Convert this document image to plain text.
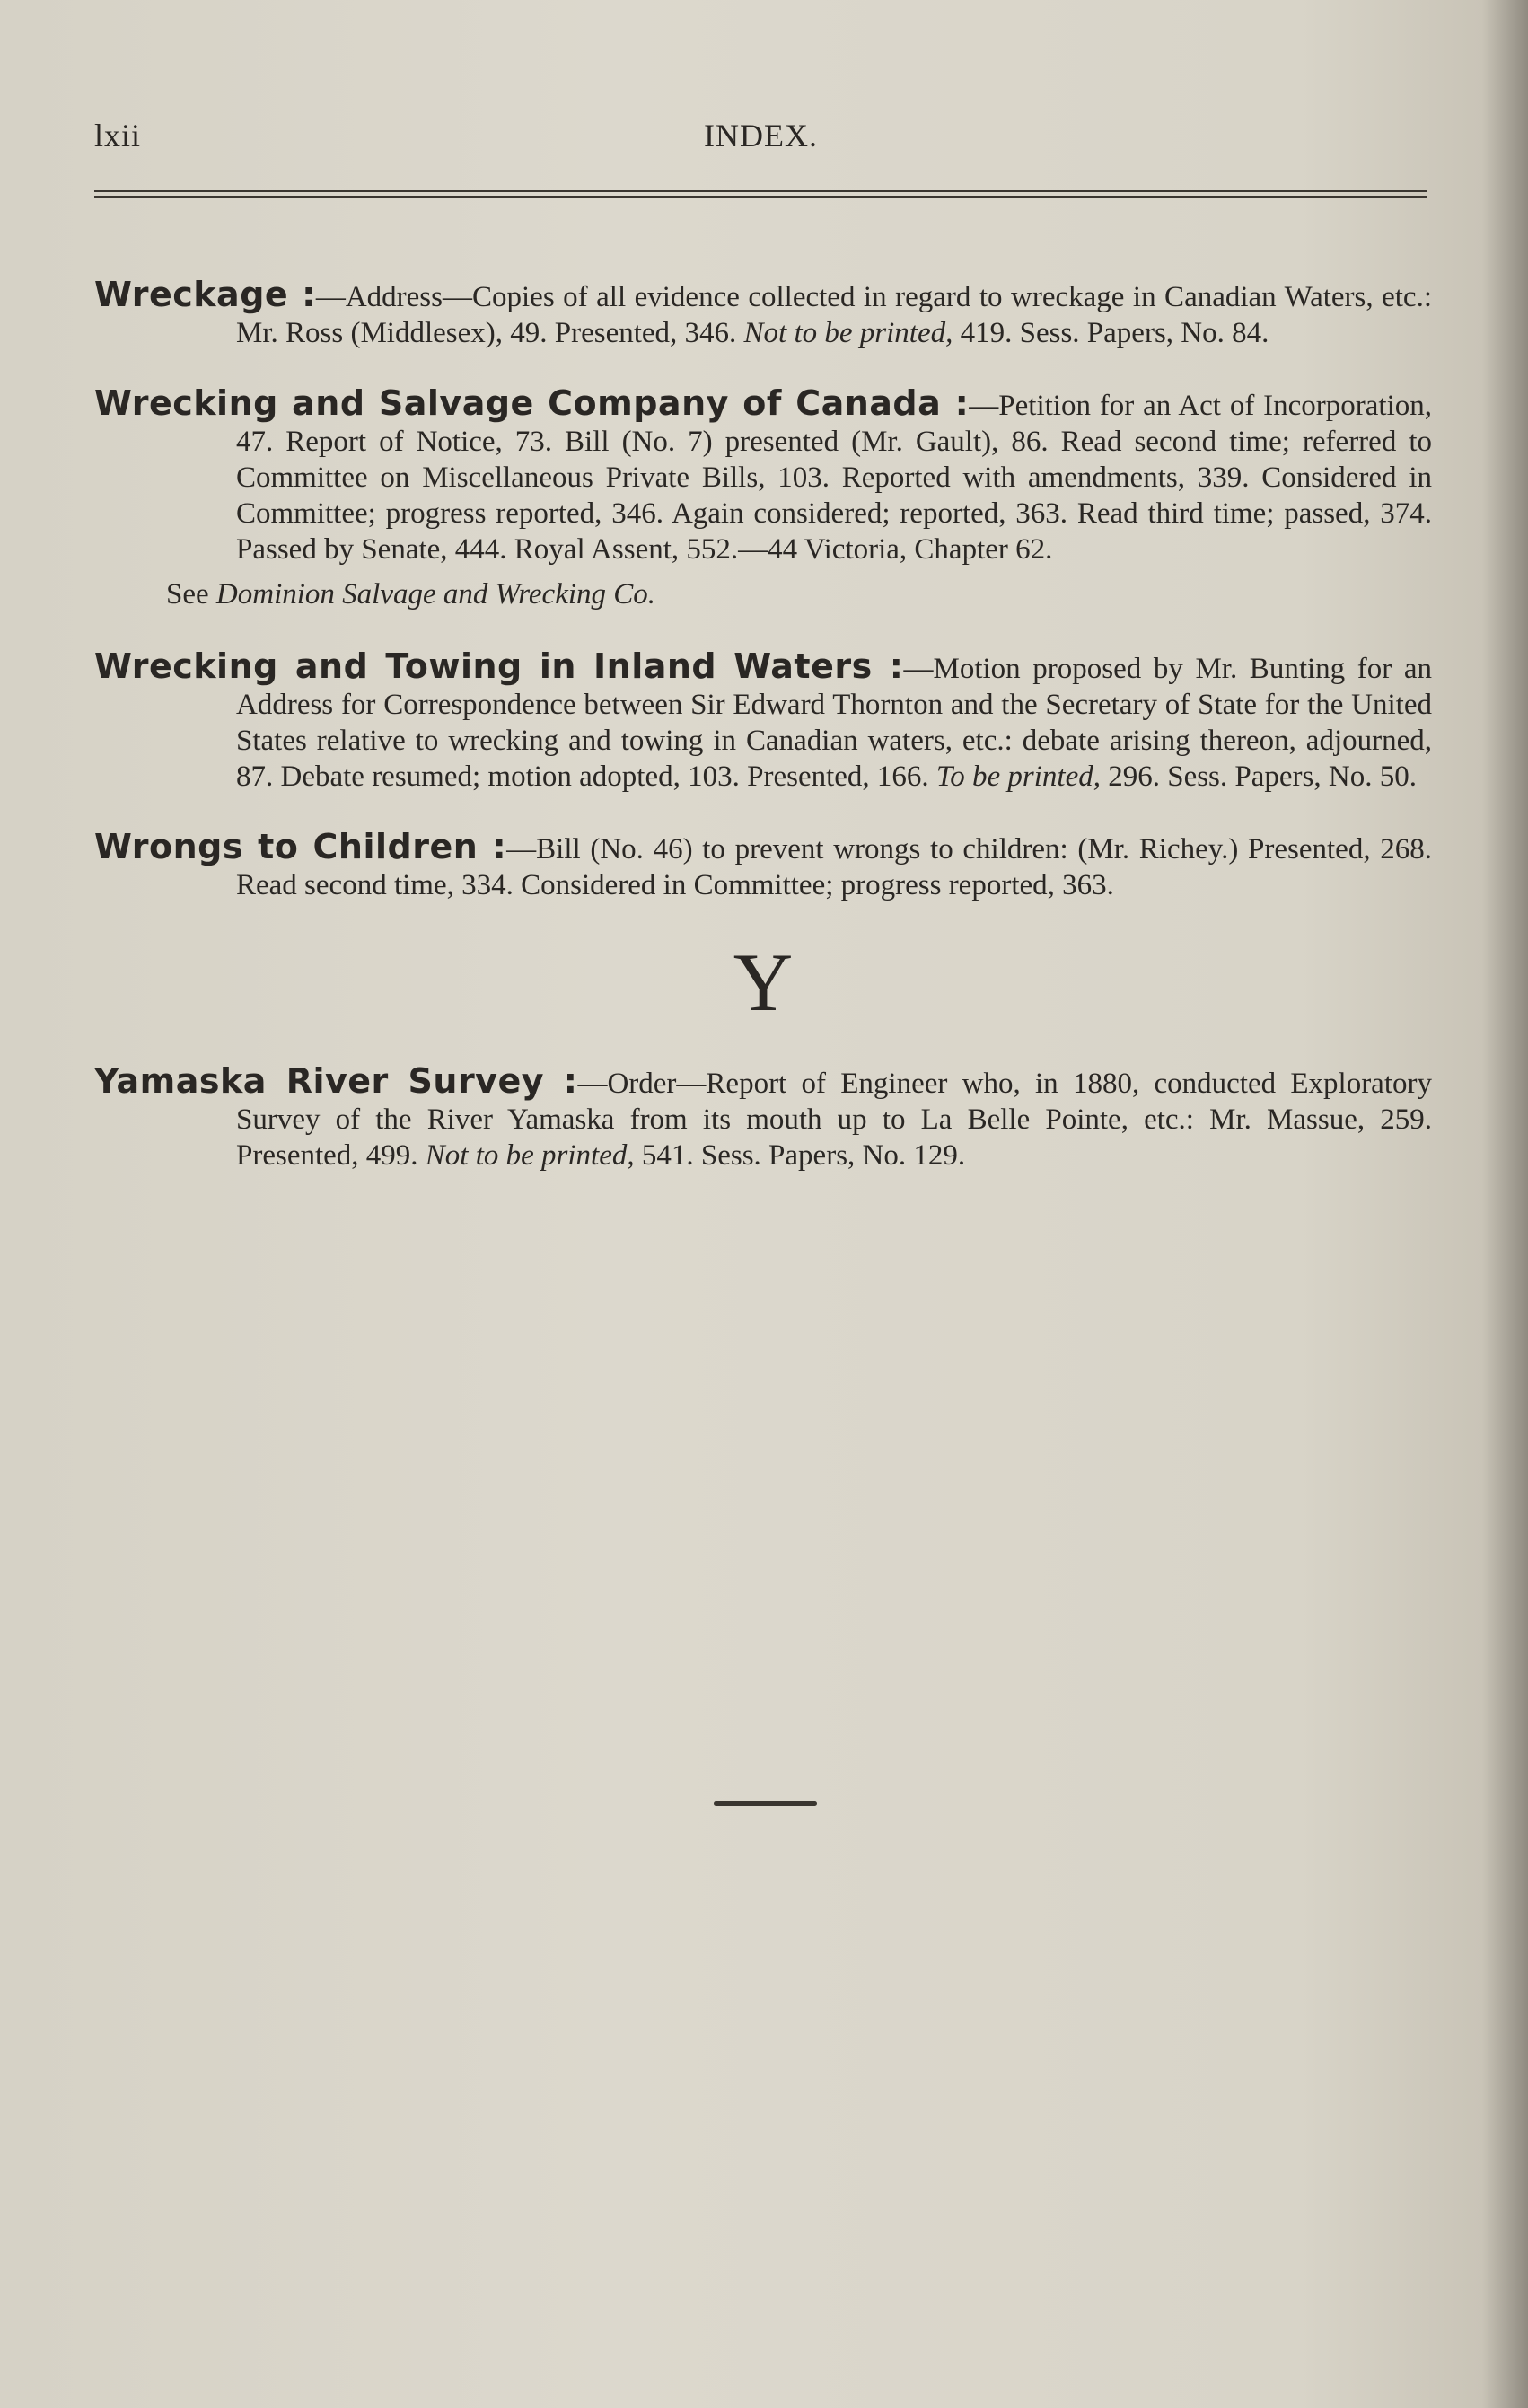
lxii	INDEX.

Wreckage :—Address—Copies of all evidence collected in regard to wreckage in Canadian Waters, etc.: Mr. Ross (Middlesex), 49. Presented, 346. Not to be printed, 419. Sess. Papers, No. 84.

Wrecking and Salvage Company of Canada :—Petition for an Act of Incorporation, 47. Report of Notice, 73. Bill (No. 7) presented (Mr. Gault), 86. Read second time; referred to Committee on Miscellaneous Private Bills, 103. Reported with amendments, 339. Considered in Committee; progress reported, 346. Again considered; reported, 363. Read third time; passed, 374. Passed by Senate, 444. Royal Assent, 552.—44 Victoria, Chapter 62.

See Dominion Salvage and Wrecking Co.

Wrecking and Towing in Inland Waters :—Motion proposed by Mr. Bunting for an Address for Correspondence between Sir Edward Thornton and the Secretary of State for the United States relative to wrecking and towing in Canadian waters, etc.: debate arising thereon, adjourned, 87. Debate resumed; motion adopted, 103. Presented, 166. To be printed, 296. Sess. Papers, No. 50.

Wrongs to Children :—Bill (No. 46) to prevent wrongs to children: (Mr. Richey.) Presented, 268. Read second time, 334. Considered in Committee; progress reported, 363.

Y

Yamaska River Survey :—Order—Report of Engineer who, in 1880, conducted Exploratory Survey of the River Yamaska from its mouth up to La Belle Pointe, etc.: Mr. Massue, 259. Presented, 499. Not to be printed, 541. Sess. Papers, No. 129.
